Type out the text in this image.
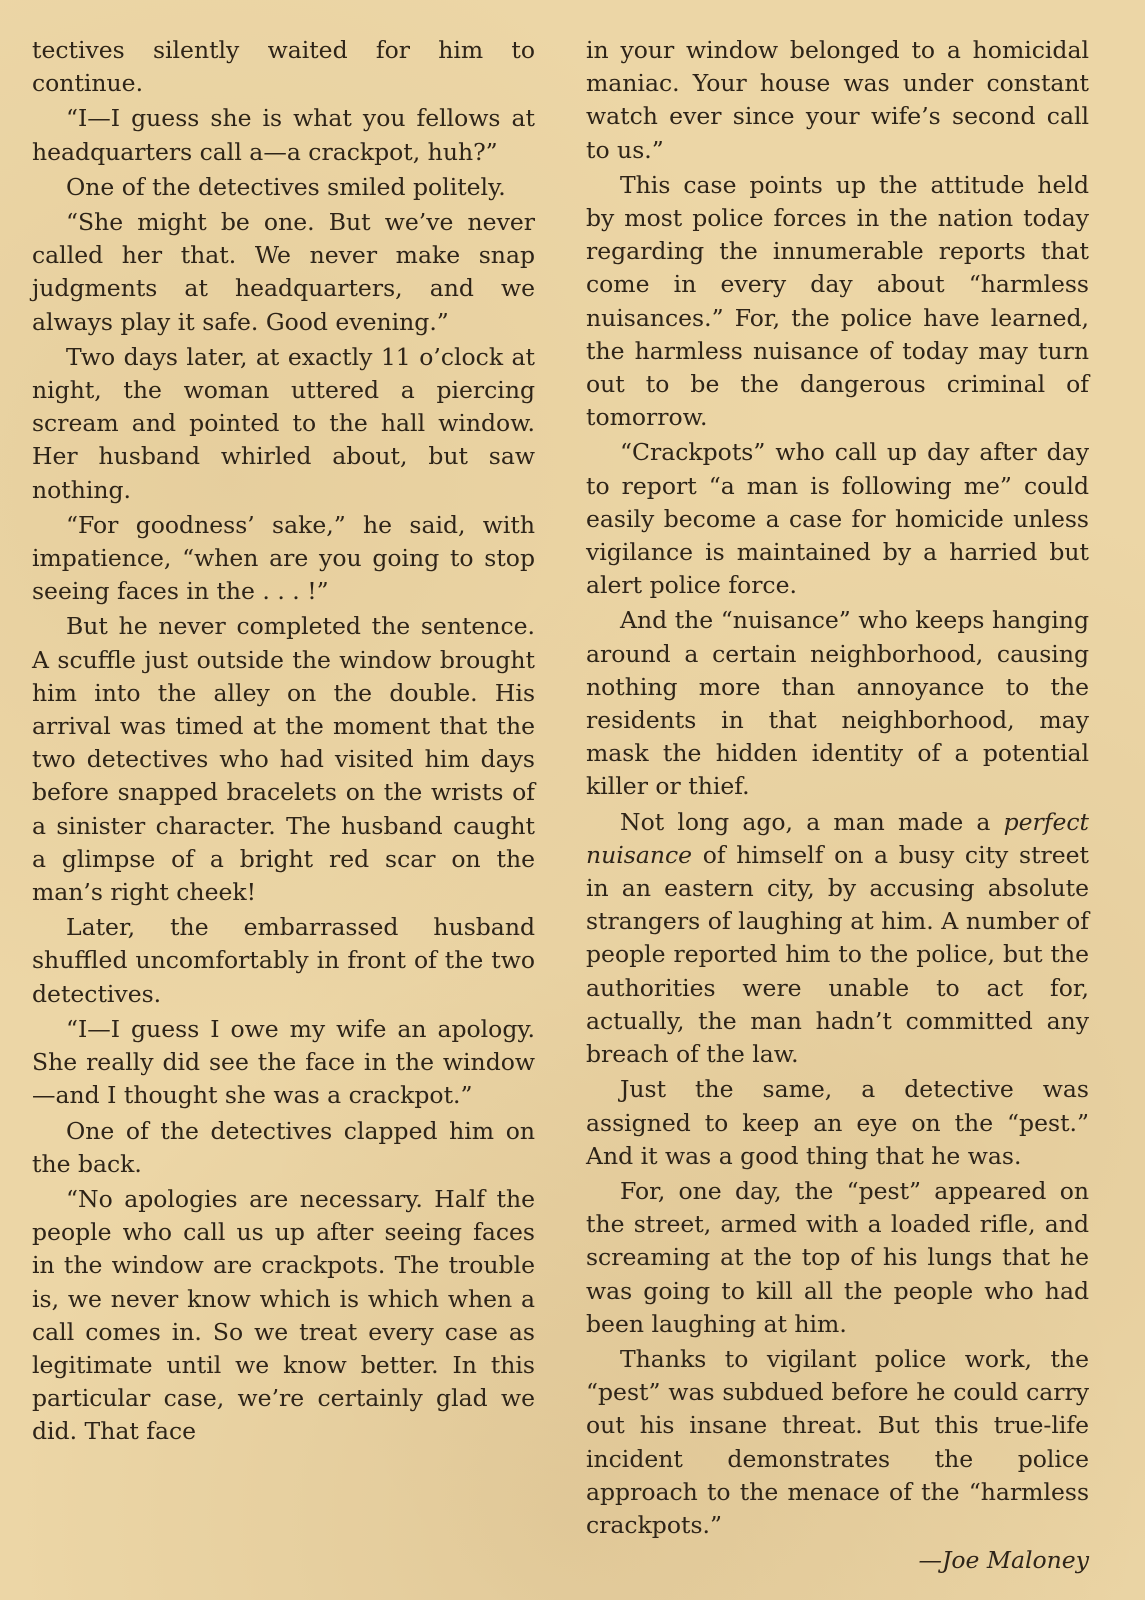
tectives silently waited for him to continue.

“I—I guess she is what you fellows at headquarters call a—a crackpot, huh?”

One of the detectives smiled politely.

“She might be one. But we’ve never called her that. We never make snap judgments at headquarters, and we always play it safe. Good evening.”

Two days later, at exactly 11 o’clock at night, the woman uttered a piercing scream and pointed to the hall window. Her husband whirled about, but saw nothing.

“For goodness’ sake,” he said, with impatience, “when are you going to stop seeing faces in the . . . !”

But he never completed the sentence. A scuffle just outside the window brought him into the alley on the double. His arrival was timed at the moment that the two detectives who had visited him days before snapped bracelets on the wrists of a sinister character. The husband caught a glimpse of a bright red scar on the man’s right cheek!

Later, the embarrassed husband shuffled uncomfortably in front of the two detectives.

“I—I guess I owe my wife an apology. She really did see the face in the window—and I thought she was a crackpot.”

One of the detectives clapped him on the back.

“No apologies are necessary. Half the people who call us up after seeing faces in the window are crackpots. The trouble is, we never know which is which when a call comes in. So we treat every case as legitimate until we know better. In this particular case, we’re certainly glad we did. That face

in your window belonged to a homicidal maniac. Your house was under constant watch ever since your wife’s second call to us.”

This case points up the attitude held by most police forces in the nation today regarding the innumerable reports that come in every day about “harmless nuisances.” For, the police have learned, the harmless nuisance of today may turn out to be the dangerous criminal of tomorrow.

“Crackpots” who call up day after day to report “a man is following me” could easily become a case for homicide unless vigilance is maintained by a harried but alert police force.

And the “nuisance” who keeps hanging around a certain neighborhood, causing nothing more than annoyance to the residents in that neighborhood, may mask the hidden identity of a potential killer or thief.

Not long ago, a man made a perfect nuisance of himself on a busy city street in an eastern city, by accusing absolute strangers of laughing at him. A number of people reported him to the police, but the authorities were unable to act for, actually, the man hadn’t committed any breach of the law.

Just the same, a detective was assigned to keep an eye on the “pest.” And it was a good thing that he was.

For, one day, the “pest” appeared on the street, armed with a loaded rifle, and screaming at the top of his lungs that he was going to kill all the people who had been laughing at him.

Thanks to vigilant police work, the “pest” was subdued before he could carry out his insane threat. But this true-life incident demonstrates the police approach to the menace of the “harmless crackpots.”

—Joe Maloney
